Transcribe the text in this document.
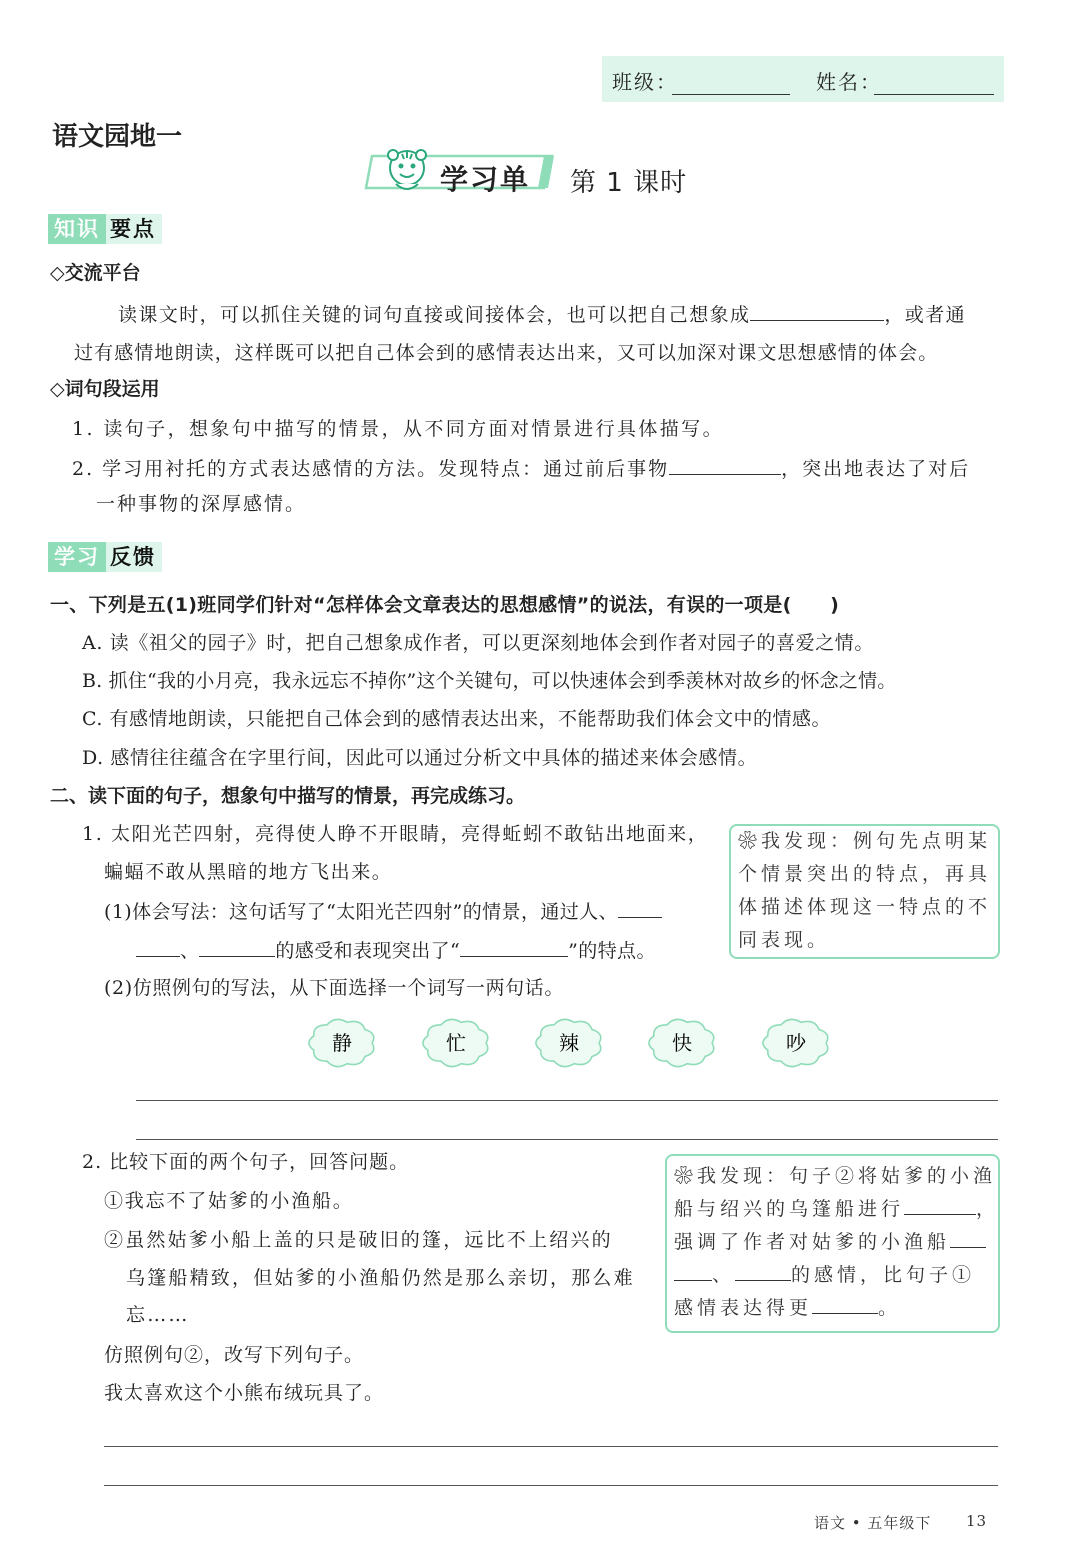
班级：	姓名：
语文园地一
学习单 第 1 课时
知识 要点
◇交流平台
读课文时，可以抓住关键的词句直接或间接体会，也可以把自己想象成	，或者通
过有感情地朗读，这样既可以把自己体会到的感情表达出来，又可以加深对课文思想感情的体会。
◇词句段运用
1. 读句子，想象句中描写的情景，从不同方面对情景进行具体描写。
2. 学习用衬托的方式表达感情的方法。发现特点：通过前后事物	，突出地表达了对后
一种事物的深厚感情。
学习 反馈
一、下列是五(1)班同学们针对“怎样体会文章表达的思想感情”的说法，有误的一项是(　　)
A. 读《祖父的园子》时，把自己想象成作者，可以更深刻地体会到作者对园子的喜爱之情。
B. 抓住“我的小月亮，我永远忘不掉你”这个关键句，可以快速体会到季羡林对故乡的怀念之情。
C. 有感情地朗读，只能把自己体会到的感情表达出来，不能帮助我们体会文中的情感。
D. 感情往往蕴含在字里行间，因此可以通过分析文中具体的描述来体会感情。
二、读下面的句子，想象句中描写的情景，再完成练习。
1. 太阳光芒四射，亮得使人睁不开眼睛，亮得蚯蚓不敢钻出地面来，
蝙蝠不敢从黑暗的地方飞出来。
(1)体会写法：这句话写了“太阳光芒四射”的情景，通过人、
、	的感受和表现突出了“	”的特点。
(2)仿照例句的写法，从下面选择一个词写一两句话。
❀我发现：例句先点明某
个情景突出的特点，再具
体描述体现这一特点的不
同表现。
静	忙	辣	快	吵
2. 比较下面的两个句子，回答问题。
①我忘不了姑爹的小渔船。
②虽然姑爹小船上盖的只是破旧的篷，远比不上绍兴的
乌篷船精致，但姑爹的小渔船仍然是那么亲切，那么难
忘……
仿照例句②，改写下列句子。
我太喜欢这个小熊布绒玩具了。
❀我发现：句子②将姑爹的小渔
船与绍兴的乌篷船进行	，
强调了作者对姑爹的小渔船
、	的感情，比句子①
感情表达得更	。
语文 • 五年级下 13
